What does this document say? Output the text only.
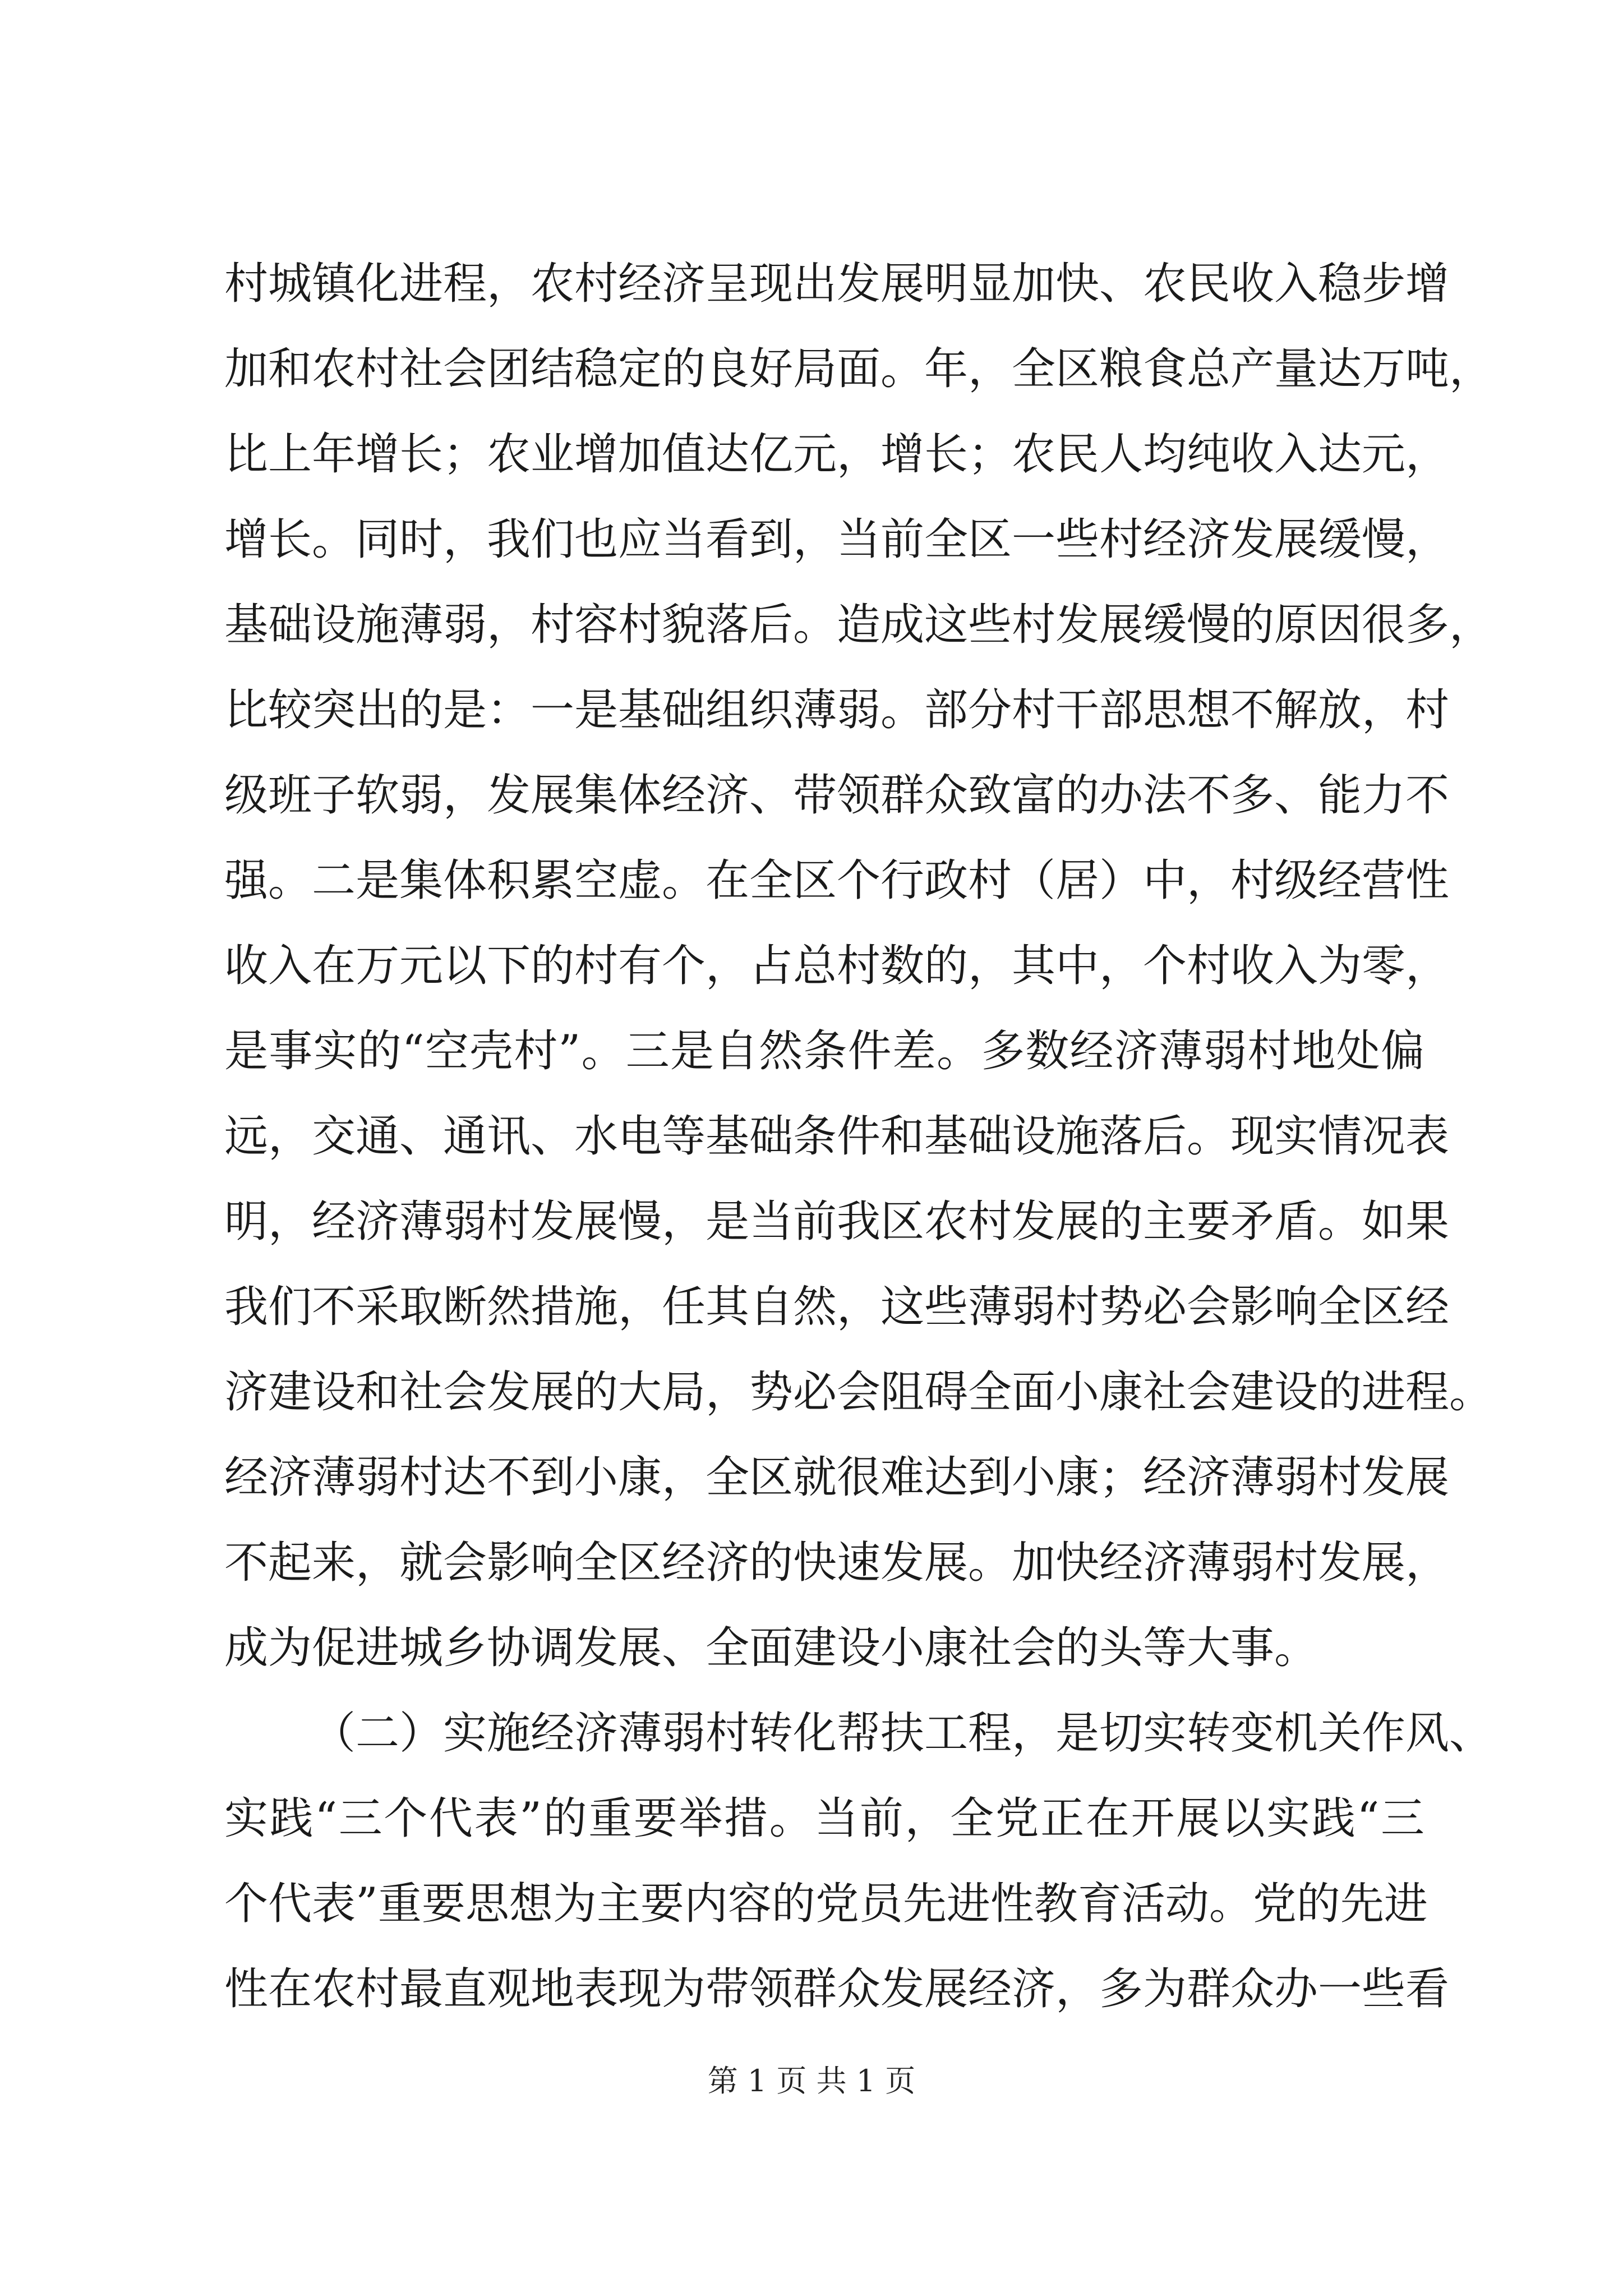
村城镇化进程，农村经济呈现出发展明显加快、农民收入稳步增
加和农村社会团结稳定的良好局面。年，全区粮食总产量达万吨，
比上年增长；农业增加值达亿元，增长；农民人均纯收入达元，
增长。同时，我们也应当看到，当前全区一些村经济发展缓慢，
基础设施薄弱，村容村貌落后。造成这些村发展缓慢的原因很多，
比较突出的是：一是基础组织薄弱。部分村干部思想不解放，村
级班子软弱，发展集体经济、带领群众致富的办法不多、能力不
强。二是集体积累空虚。在全区个行政村（居）中，村级经营性
收入在万元以下的村有个，占总村数的，其中，个村收入为零，
是事实的“空壳村”。三是自然条件差。多数经济薄弱村地处偏
远，交通、通讯、水电等基础条件和基础设施落后。现实情况表
明，经济薄弱村发展慢，是当前我区农村发展的主要矛盾。如果
我们不采取断然措施，任其自然，这些薄弱村势必会影响全区经
济建设和社会发展的大局，势必会阻碍全面小康社会建设的进程。
经济薄弱村达不到小康，全区就很难达到小康；经济薄弱村发展
不起来，就会影响全区经济的快速发展。加快经济薄弱村发展，
成为促进城乡协调发展、全面建设小康社会的头等大事。
（二）实施经济薄弱村转化帮扶工程，是切实转变机关作风、
实践“三个代表”的重要举措。当前，全党正在开展以实践“三
个代表”重要思想为主要内容的党员先进性教育活动。党的先进
性在农村最直观地表现为带领群众发展经济，多为群众办一些看
第 1 页 共 1 页
